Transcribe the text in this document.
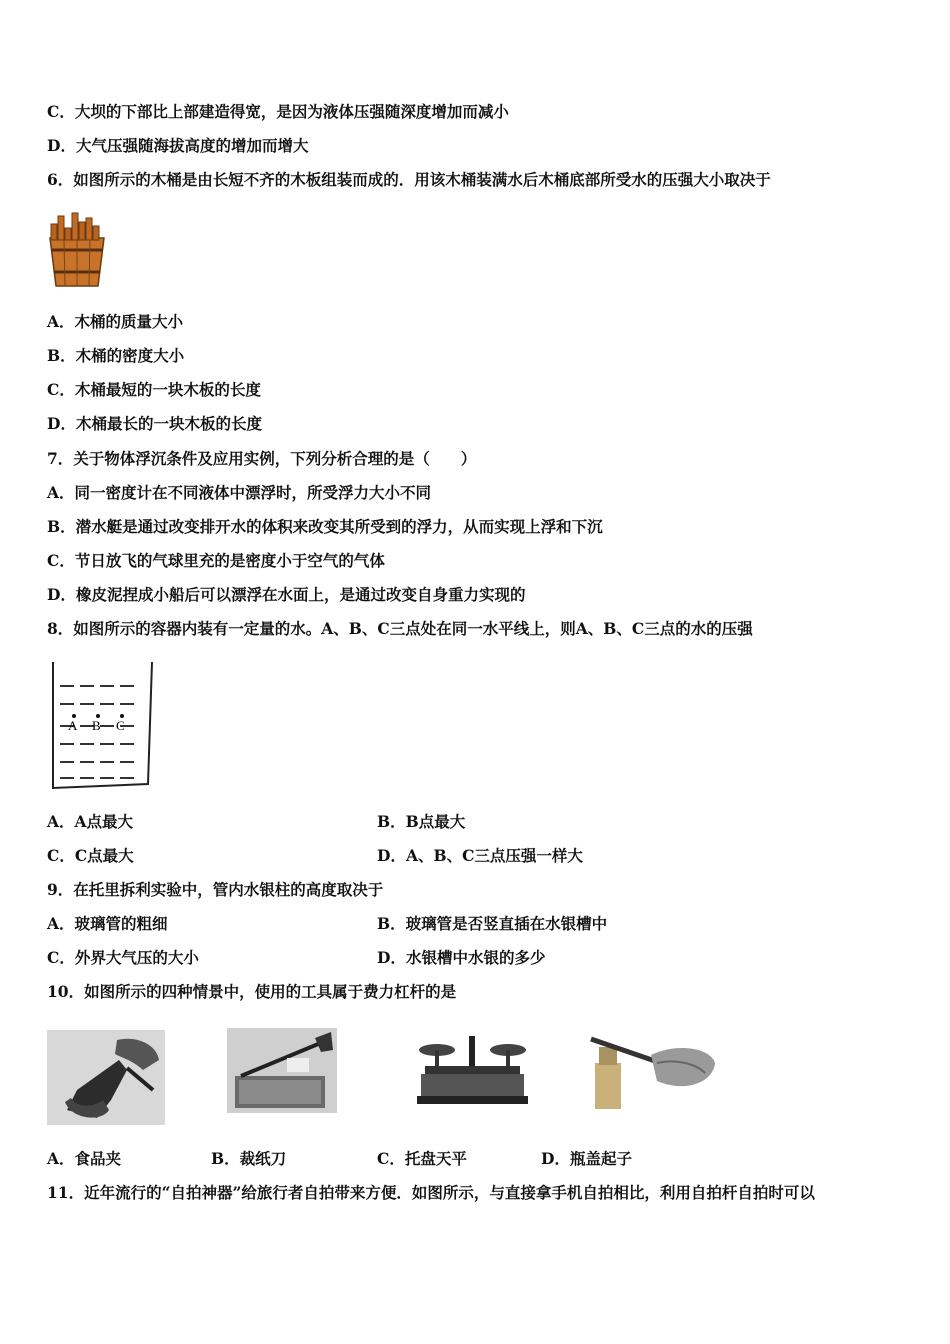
C．大坝的下部比上部建造得宽，是因为液体压强随深度增加而减小
D．大气压强随海拔高度的增加而增大
6．如图所示的木桶是由长短不齐的木板组装而成的．用该木桶装满水后木桶底部所受水的压强大小取决于
A．木桶的质量大小
B．木桶的密度大小
C．木桶最短的一块木板的长度
D．木桶最长的一块木板的长度
7．关于物体浮沉条件及应用实例，下列分析合理的是（　　）
A．同一密度计在不同液体中漂浮时，所受浮力大小不同
B．潜水艇是通过改变排开水的体积来改变其所受到的浮力，从而实现上浮和下沉
C．节日放飞的气球里充的是密度小于空气的气体
D．橡皮泥捏成小船后可以漂浮在水面上，是通过改变自身重力实现的
8．如图所示的容器内装有一定量的水。A、B、C三点处在同一水平线上，则A、B、C三点的水的压强
A B C
A．A点最大	B．B点最大
C．C点最大	D．A、B、C三点压强一样大
9．在托里拆利实验中，管内水银柱的高度取决于
A．玻璃管的粗细	B．玻璃管是否竖直插在水银槽中
C．外界大气压的大小	D．水银槽中水银的多少
10．如图所示的四种情景中，使用的工具属于费力杠杆的是
A．食品夹	B．裁纸刀	C．托盘天平	D．瓶盖起子
11．近年流行的“自拍神器”给旅行者自拍带来方便．如图所示，与直接拿手机自拍相比，利用自拍杆自拍时可以
